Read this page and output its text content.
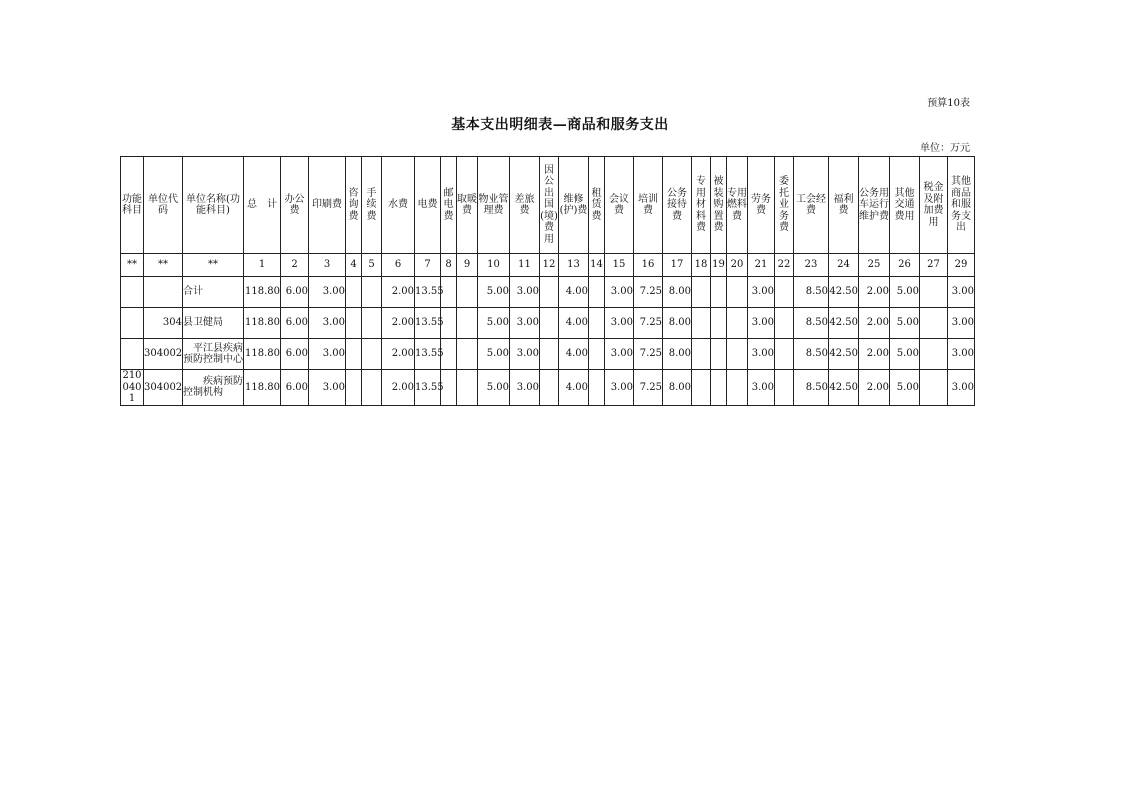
预算10表
基本支出明细表—商品和服务支出
单位：万元
功能科目	单位代码	单位名称(功能科目)	总　计	办公费	印刷费	咨询费	手续费	水费	电费	邮电费	取暖费	物业管理费	差旅费	因公出国(境)费用	维修(护)费	租赁费	会议费	培训费	公务接待费	专用材料费	被装购置费	专用燃料费	劳务费	委托业务费	工会经费	福利费	公务用车运行维护费	其他交通费用	税金及附加费用	其他商品和服务支出
**	**	**	1	2	3	4	5	6	7	8	9	10	11	12	13	14	15	16	17	18	19	20	21	22	23	24	25	26	27	29
		合计	118.80	6.00	3.00			2.00	13.55			5.00	3.00		4.00		3.00	7.25	8.00				3.00		8.50	42.50	2.00	5.00		3.00
	304	县卫健局	118.80	6.00	3.00			2.00	13.55			5.00	3.00		4.00		3.00	7.25	8.00				3.00		8.50	42.50	2.00	5.00		3.00
	304002	　平江县疾病预防控制中心	118.80	6.00	3.00			2.00	13.55			5.00	3.00		4.00		3.00	7.25	8.00				3.00		8.50	42.50	2.00	5.00		3.00
2100401	304002	　　疾病预防控制机构	118.80	6.00	3.00			2.00	13.55			5.00	3.00		4.00		3.00	7.25	8.00				3.00		8.50	42.50	2.00	5.00		3.00
